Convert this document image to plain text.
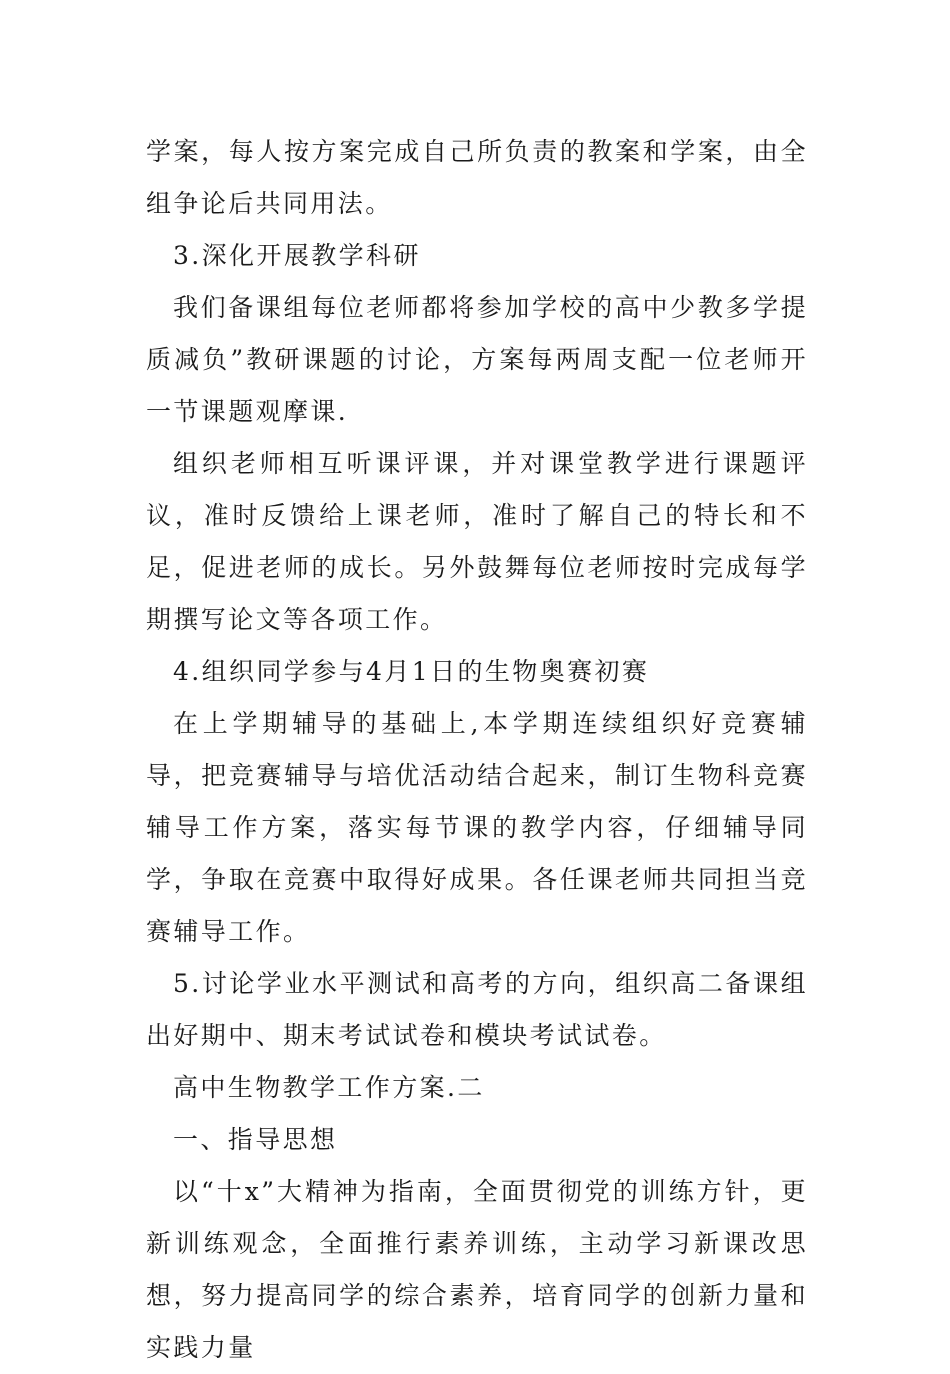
学案，每人按方案完成自己所负责的教案和学案，由全组争论后共同用法。

3.深化开展教学科研

我们备课组每位老师都将参加学校的高中少教多学提质减负”教研课题的讨论，方案每两周支配一位老师开一节课题观摩课.

组织老师相互听课评课，并对课堂教学进行课题评议，准时反馈给上课老师，准时了解自己的特长和不足，促进老师的成长。另外鼓舞每位老师按时完成每学期撰写论文等各项工作。

4.组织同学参与4月1日的生物奥赛初赛

在上学期辅导的基础上,本学期连续组织好竞赛辅导，把竞赛辅导与培优活动结合起来，制订生物科竞赛辅导工作方案，落实每节课的教学内容，仔细辅导同学，争取在竞赛中取得好成果。各任课老师共同担当竞赛辅导工作。

5.讨论学业水平测试和高考的方向，组织高二备课组出好期中、期末考试试卷和模块考试试卷。

高中生物教学工作方案.二

一、指导思想

以“十x”大精神为指南，全面贯彻党的训练方针，更新训练观念，全面推行素养训练，主动学习新课改思想，努力提高同学的综合素养，培育同学的创新力量和实践力量
